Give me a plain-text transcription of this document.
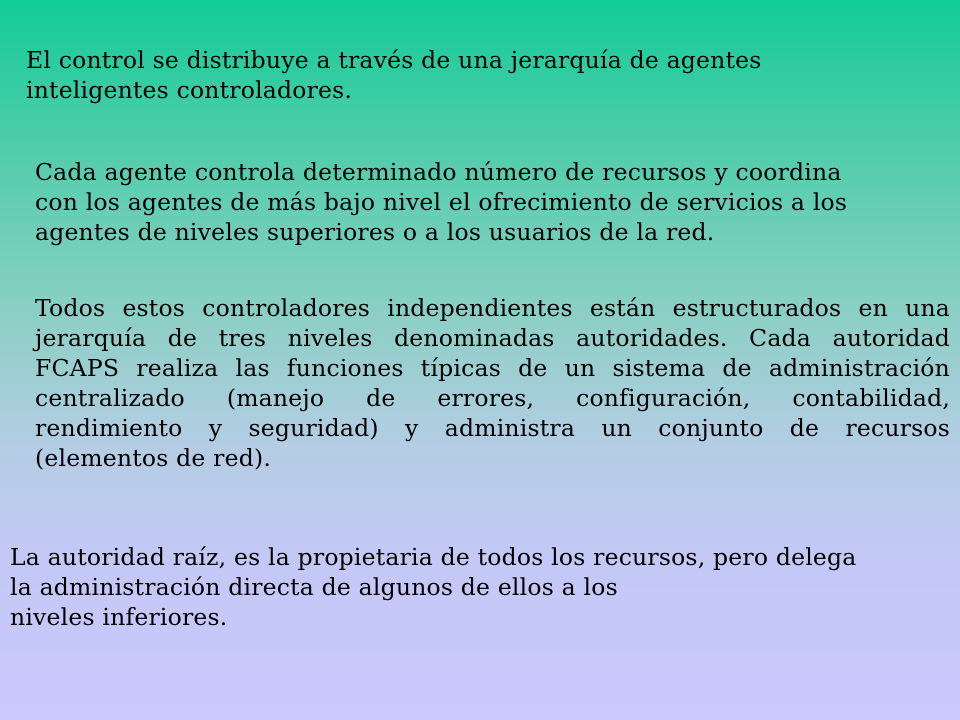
El control se distribuye a través de una jerarquía de agentes
inteligentes controladores.

Cada agente controla determinado número de recursos y coordina
con los agentes de más bajo nivel el ofrecimiento de servicios a los
agentes de niveles superiores o a los usuarios de la red.

Todos estos controladores independientes están estructurados en una
jerarquía de tres niveles denominadas autoridades. Cada autoridad
FCAPS realiza las funciones típicas de un sistema de administración
centralizado (manejo de errores, configuración, contabilidad,
rendimiento y seguridad) y administra un conjunto de recursos
(elementos de red).

La autoridad raíz, es la propietaria de todos los recursos, pero delega
la administración directa de algunos de ellos a los
niveles inferiores.
